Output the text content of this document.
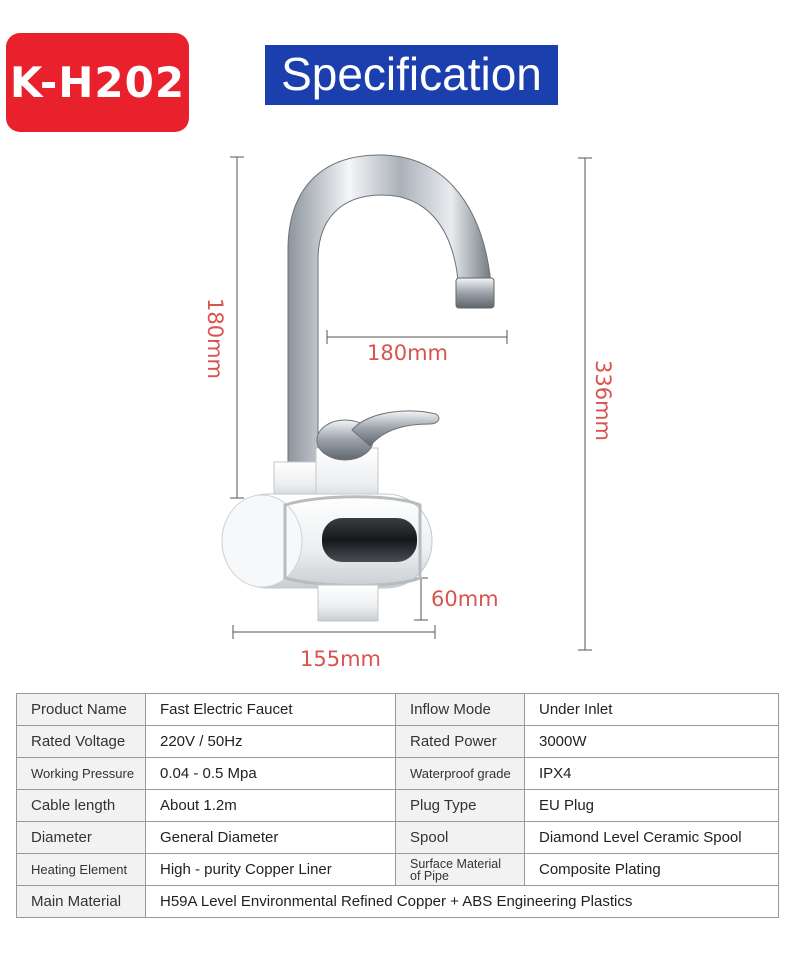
K-H202	Specification
180mm	180mm
336mm
60mm
155mm
Product Name	Fast Electric Faucet	Inflow Mode	Under Inlet
Rated Voltage	220V / 50Hz	Rated Power	3000W
Working Pressure	0.04 - 0.5 Mpa	Waterproof grade	IPX4
Cable length	About 1.2m	Plug Type	EU Plug
Diameter	General Diameter	Spool	Diamond Level Ceramic Spool
Heating Element	High - purity Copper Liner	Surface Material of Pipe	Composite Plating
Main Material	H59A Level Environmental Refined Copper + ABS Engineering Plastics		
